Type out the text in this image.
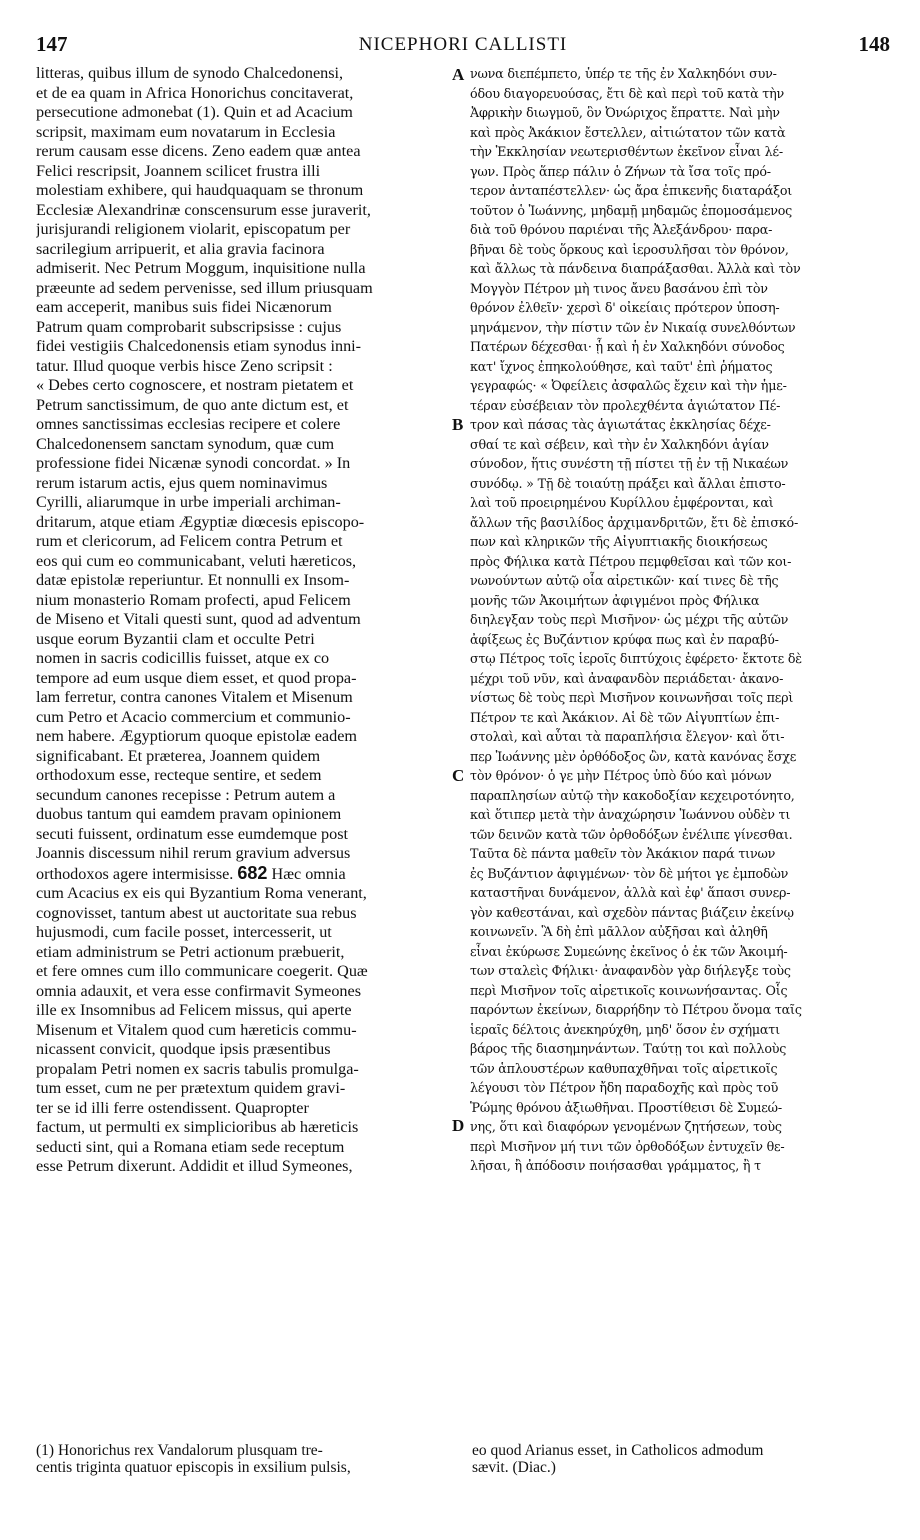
147	NICEPHORI CALLISTI	148
litteras, quibus illum de synodo Chalcedonensi,
et de ea quam in Africa Honorichus concitaverat,
persecutione admonebat (1). Quin et ad Acacium
scripsit, maximam eum novatarum in Ecclesia
rerum causam esse dicens. Zeno eadem quæ antea
Felici rescripsit, Joannem scilicet frustra illi
molestiam exhibere, qui haudquaquam se thronum
Ecclesiæ Alexandrinæ conscensurum esse juraverit,
jurisjurandi religionem violarit, episcopatum per
sacrilegium arripuerit, et alia gravia facinora
admiserit. Nec Petrum Moggum, inquisitione nulla
præeunte ad sedem pervenisse, sed illum priusquam
eam acceperit, manibus suis fidei Nicænorum
Patrum quam comprobarit subscripsisse : cujus
fidei vestigiis Chalcedonensis etiam synodus inni-
tatur. Illud quoque verbis hisce Zeno scripsit :
« Debes certo cognoscere, et nostram pietatem et
Petrum sanctissimum, de quo ante dictum est, et
omnes sanctissimas ecclesias recipere et colere
Chalcedonensem sanctam synodum, quæ cum
professione fidei Nicænæ synodi concordat. » In
rerum istarum actis, ejus quem nominavimus
Cyrilli, aliarumque in urbe imperiali archiman-
dritarum, atque etiam Ægyptiæ diœcesis episcopo-
rum et clericorum, ad Felicem contra Petrum et
eos qui cum eo communicabant, veluti hæreticos,
datæ epistolæ reperiuntur. Et nonnulli ex Insom-
nium monasterio Romam profecti, apud Felicem
de Miseno et Vitali questi sunt, quod ad adventum
usque eorum Byzantii clam et occulte Petri
nomen in sacris codicillis fuisset, atque ex co
tempore ad eum usque diem esset, et quod propa-
lam ferretur, contra canones Vitalem et Misenum
cum Petro et Acacio commercium et communio-
nem habere. Ægyptiorum quoque epistolæ eadem
significabant. Et præterea, Joannem quidem
orthodoxum esse, recteque sentire, et sedem
secundum canones recepisse : Petrum autem a
duobus tantum qui eamdem pravam opinionem
secuti fuissent, ordinatum esse eumdemque post
Joannis discessum nihil rerum gravium adversus
orthodoxos agere intermisisse. 682 Hæc omnia
cum Acacius ex eis qui Byzantium Roma venerant,
cognovisset, tantum abest ut auctoritate sua rebus
hujusmodi, cum facile posset, intercesserit, ut
etiam administrum se Petri actionum præbuerit,
et fere omnes cum illo communicare coegerit. Quæ
omnia adauxit, et vera esse confirmavit Symeones
ille ex Insomnibus ad Felicem missus, qui aperte
Misenum et Vitalem quod cum hæreticis commu-
nicassent convicit, quodque ipsis præsentibus
propalam Petri nomen ex sacris tabulis promulga-
tum esset, cum ne per prætextum quidem gravi-
ter se id illi ferre ostendissent. Quapropter
factum, ut permulti ex simplicioribus ab hæreticis
seducti sint, qui a Romana etiam sede receptum
esse Petrum dixerunt. Addidit et illud Symeones,
νωνα διεπέμπετο, ὑπέρ τε τῆς ἐν Χαλκηδόνι συν-
όδου διαγορευούσας, ἔτι δὲ καὶ περὶ τοῦ κατὰ τὴν
Ἀφρικὴν διωγμοῦ, ὃν Ὀνώριχος ἔπραττε. Ναὶ μὴν
καὶ πρὸς Ἀκάκιον ἔστελλεν, αἰτιώτατον τῶν κατὰ
τὴν Ἐκκλησίαν νεωτερισθέντων ἐκεῖνον εἶναι λέ-
γων. Πρὸς ἅπερ πάλιν ὁ Ζήνων τὰ ἴσα τοῖς πρό-
τερον ἀνταπέστελλεν· ὡς ἄρα ἐπικενῆς διαταράξοι
τοῦτον ὁ Ἰωάννης, μηδαμῇ μηδαμῶς ἐπομοσάμενος
διὰ τοῦ θρόνου παριέναι τῆς Ἀλεξάνδρου· παρα-
βῆναι δὲ τοὺς ὅρκους καὶ ἱεροσυλῆσαι τὸν θρόνον,
καὶ ἄλλως τὰ πάνδεινα διαπράξασθαι. Ἀλλὰ καὶ τὸν
Μογγὸν Πέτρον μὴ τινος ἄνευ βασάνου ἐπὶ τὸν
θρόνον ἐλθεῖν· χερσὶ δ' οἰκείαις πρότερον ὑποση-
μηνάμενον, τὴν πίστιν τῶν ἐν Νικαίᾳ συνελθόντων
Πατέρων δέχεσθαι· ᾗ καὶ ἡ ἐν Χαλκηδόνι σύνοδος
κατ' ἴχνος ἐπηκολούθησε, καὶ ταῦτ' ἐπὶ ῥήματος
γεγραφώς· « Ὀφείλεις ἀσφαλῶς ἔχειν καὶ τὴν ἡμε-
τέραν εὐσέβειαν τὸν προλεχθέντα ἁγιώτατον Πέ-
τρον καὶ πάσας τὰς ἁγιωτάτας ἐκκλησίας δέχε-
σθαί τε καὶ σέβειν, καὶ τὴν ἐν Χαλκηδόνι ἁγίαν
σύνοδον, ἥτις συνέστη τῇ πίστει τῇ ἐν τῇ Νικαέων
συνόδῳ. » Τῇ δὲ τοιαύτῃ πράξει καὶ ἄλλαι ἐπιστο-
λαὶ τοῦ προειρημένου Κυρίλλου ἐμφέρονται, καὶ
ἄλλων τῆς βασιλίδος ἀρχιμανδριτῶν, ἔτι δὲ ἐπισκό-
πων καὶ κληρικῶν τῆς Αἰγυπτιακῆς διοικήσεως
πρὸς Φήλικα κατὰ Πέτρου πεμφθεῖσαι καὶ τῶν κοι-
νωνούντων αὐτῷ οἷα αἱρετικῶν· καί τινες δὲ τῆς
μονῆς τῶν Ἀκοιμήτων ἀφιγμένοι πρὸς Φήλικα
διηλεγξαν τοὺς περὶ Μισῆνον· ὡς μέχρι τῆς αὐτῶν
ἀφίξεως ἐς Βυζάντιον κρύφα πως καὶ ἐν παραβύ-
στῳ Πέτρος τοῖς ἱεροῖς διπτύχοις ἐφέρετο· ἔκτοτε δὲ
μέχρι τοῦ νῦν, καὶ ἀναφανδὸν περιάδεται· ἀκανο-
νίστως δὲ τοὺς περὶ Μισῆνον κοινωνῆσαι τοῖς περὶ
Πέτρον τε καὶ Ἀκάκιον. Αἱ δὲ τῶν Αἰγυπτίων ἐπι-
στολαὶ, καὶ αὗται τὰ παραπλήσια ἔλεγον· καὶ ὅτι-
περ Ἰωάννης μὲν ὀρθόδοξος ὢν, κατὰ κανόνας ἔσχε
τὸν θρόνον· ὁ γε μὴν Πέτρος ὑπὸ δύο καὶ μόνων
παραπλησίων αὐτῷ τὴν κακοδοξίαν κεχειροτόνητο,
καὶ ὅτιπερ μετὰ τὴν ἀναχώρησιν Ἰωάννου οὐδὲν τι
τῶν δεινῶν κατὰ τῶν ὀρθοδόξων ἐνέλιπε γίνεσθαι.
Ταῦτα δὲ πάντα μαθεῖν τὸν Ἀκάκιον παρά τινων
ἐς Βυζάντιον ἀφιγμένων· τὸν δὲ μήτοι γε ἐμποδὼν
καταστῆναι δυνάμενον, ἀλλὰ καὶ ἐφ' ἅπασι συνερ-
γὸν καθεστάναι, καὶ σχεδὸν πάντας βιάζειν ἐκείνῳ
κοινωνεῖν. Ἃ δὴ ἐπὶ μᾶλλον αὐξῆσαι καὶ ἀληθῆ
εἶναι ἐκύρωσε Συμεώνης ἐκεῖνος ὁ ἐκ τῶν Ἀκοιμή-
των σταλεὶς Φήλικι· ἀναφανδὸν γὰρ διήλεγξε τοὺς
περὶ Μισῆνον τοῖς αἱρετικοῖς κοινωνήσαντας. Οἷς
παρόντων ἐκείνων, διαρρήδην τὸ Πέτρου ὄνομα ταῖς
ἱεραῖς δέλτοις ἀνεκηρύχθη, μηδ' ὅσον ἐν σχήματι
βάρος τῆς διασημηνάντων. Ταύτῃ τοι καὶ πολλοὺς
τῶν ἁπλουστέρων καθυπαχθῆναι τοῖς αἱρετικοῖς
λέγουσι τὸν Πέτρον ἤδη παραδοχῆς καὶ πρὸς τοῦ
Ῥώμης θρόνου ἀξιωθῆναι. Προστίθεισι δὲ Συμεώ-
νης, ὅτι καὶ διαφόρων γενομένων ζητήσεων, τοὺς
περὶ Μισῆνον μή τινι τῶν ὀρθοδόξων ἐντυχεῖν θε-
λῆσαι, ἢ ἀπόδοσιν ποιήσασθαι γράμματος, ἢ τ
A
B
C
D
(1) Honorichus rex Vandalorum plusquam tre-
centis triginta quatuor episcopis in exsilium pulsis,
eo quod Arianus esset, in Catholicos admodum
sævit. (Diac.)
